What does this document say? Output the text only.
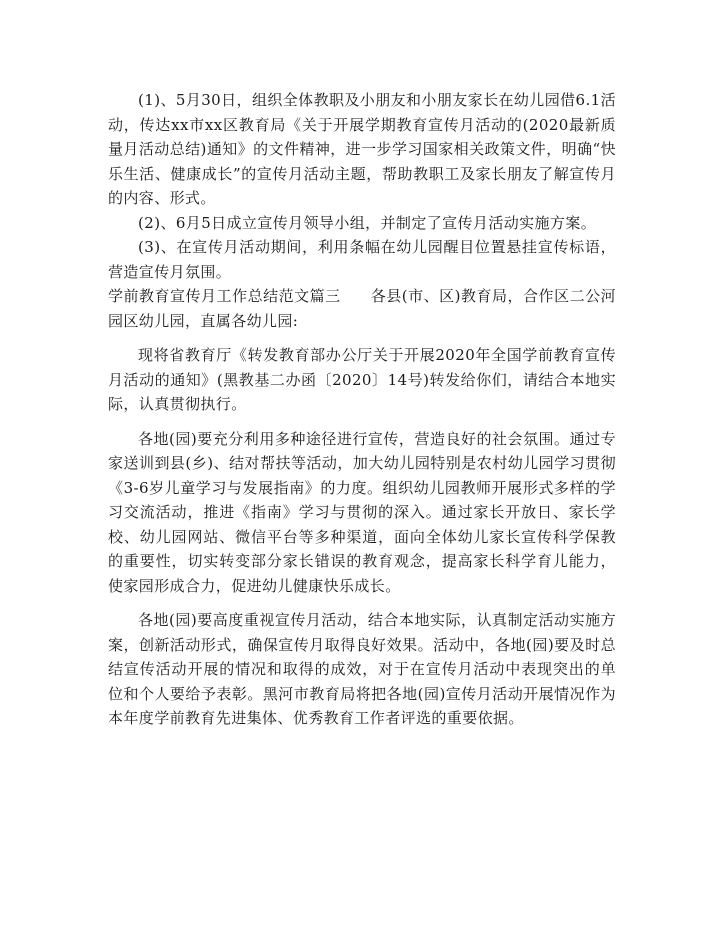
(1)、5月30日，组织全体教职及小朋友和小朋友家长在幼儿园借6.1活动，传达xx市xx区教育局《关于开展学期教育宣传月活动的(2020最新质量月活动总结)通知》的文件精神，进一步学习国家相关政策文件，明确“快乐生活、健康成长”的宣传月活动主题，帮助教职工及家长朋友了解宣传月的内容、形式。

(2)、6月5日成立宣传月领导小组，并制定了宣传月活动实施方案。

(3)、在宣传月活动期间，利用条幅在幼儿园醒目位置悬挂宣传标语，营造宣传月氛围。

学前教育宣传月工作总结范文篇三 各县(市、区)教育局，合作区二公河园区幼儿园，直属各幼儿园:

现将省教育厅《转发教育部办公厅关于开展2020年全国学前教育宣传月活动的通知》(黑教基二办函〔2020〕14号)转发给你们，请结合本地实际，认真贯彻执行。

各地(园)要充分利用多种途径进行宣传，营造良好的社会氛围。通过专家送训到县(乡)、结对帮扶等活动，加大幼儿园特别是农村幼儿园学习贯彻《3-6岁儿童学习与发展指南》的力度。组织幼儿园教师开展形式多样的学习交流活动，推进《指南》学习与贯彻的深入。通过家长开放日、家长学校、幼儿园网站、微信平台等多种渠道，面向全体幼儿家长宣传科学保教的重要性，切实转变部分家长错误的教育观念，提高家长科学育儿能力，使家园形成合力，促进幼儿健康快乐成长。

各地(园)要高度重视宣传月活动，结合本地实际，认真制定活动实施方案，创新活动形式，确保宣传月取得良好效果。活动中，各地(园)要及时总结宣传活动开展的情况和取得的成效，对于在宣传月活动中表现突出的单位和个人要给予表彰。黑河市教育局将把各地(园)宣传月活动开展情况作为本年度学前教育先进集体、优秀教育工作者评选的重要依据。
